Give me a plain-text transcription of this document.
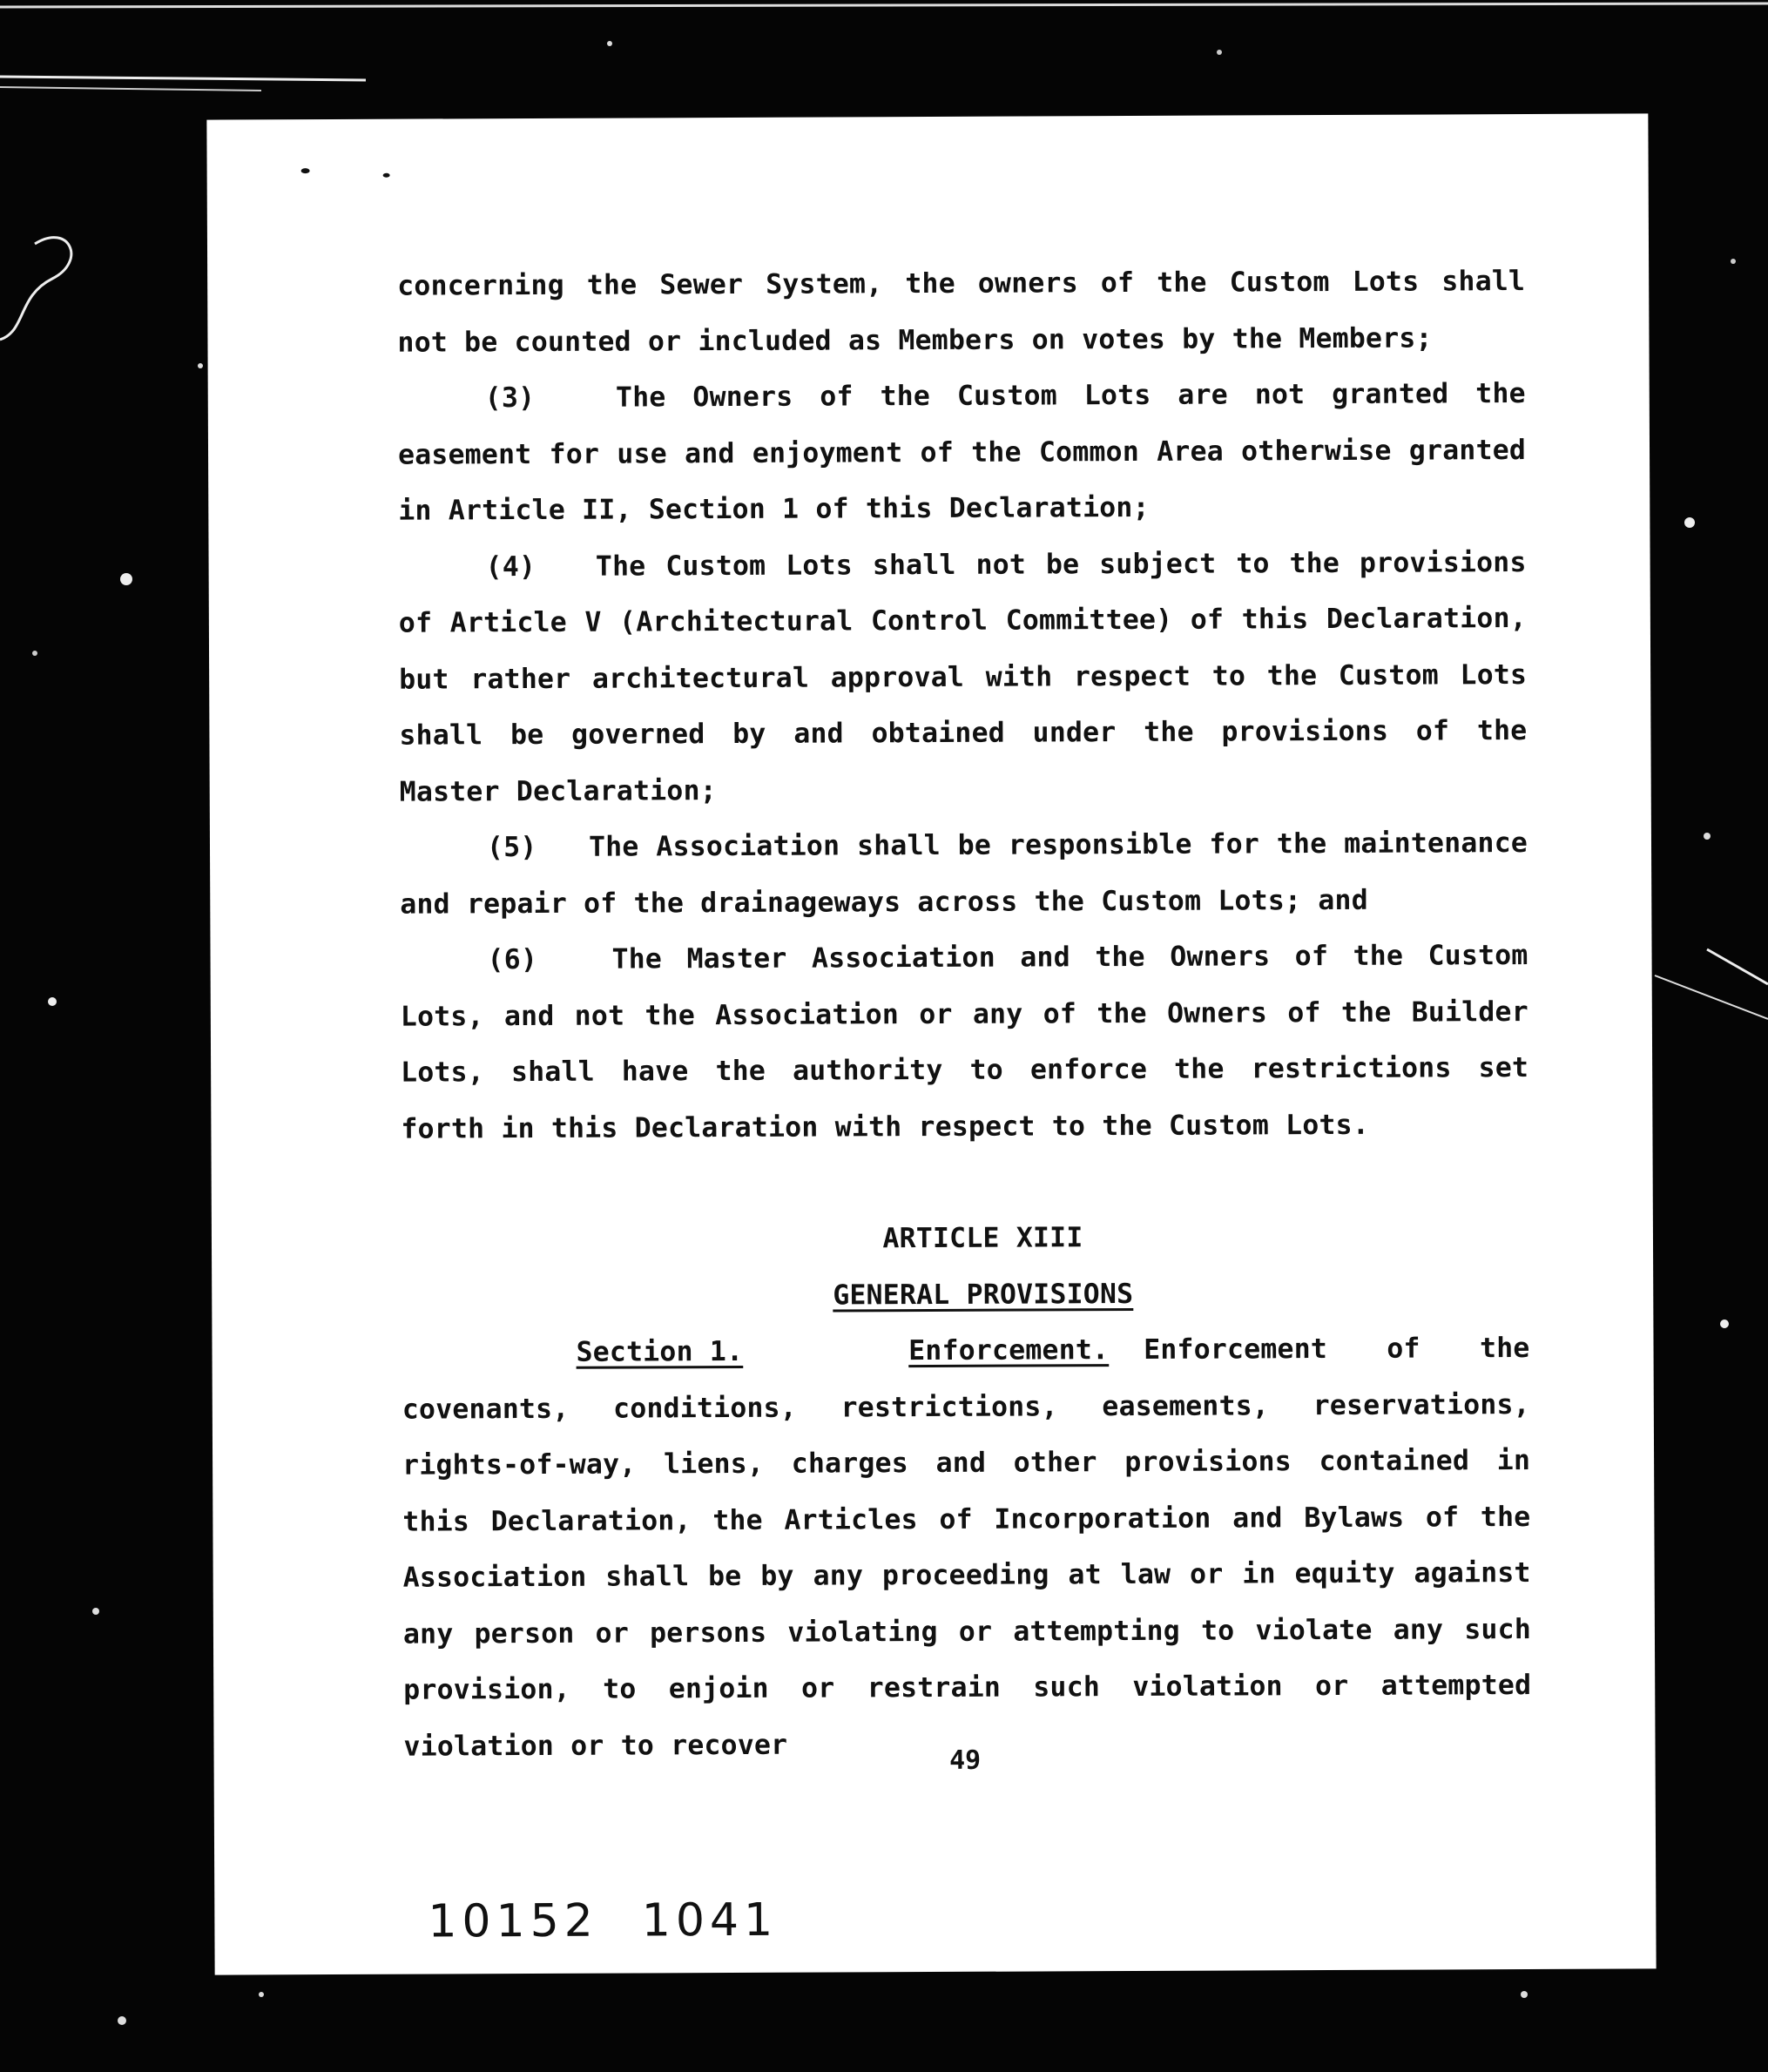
concerning the Sewer System, the owners of the Custom Lots shall not be counted or included as Members on votes by the Members;

(3)	The Owners of the Custom Lots are not granted the easement for use and enjoyment of the Common Area otherwise granted in Article II, Section 1 of this Declaration;

(4) The Custom Lots shall not be subject to the provisions of Article V (Architectural Control Committee) of this Declaration, but rather architectural approval with respect to the Custom Lots shall be governed by and obtained under the provisions of the Master Declaration;

(5) The Association shall be responsible for the maintenance and repair of the drainageways across the Custom Lots; and

(6)	The Master Association and the Owners of the Custom Lots, and not the Association or any of the Owners of the Builder Lots, shall have the authority to enforce the restrictions set forth in this Declaration with respect to the Custom Lots.

ARTICLE XIII

GENERAL PROVISIONS

Section 1.	Enforcement. Enforcement of the covenants, conditions, restrictions, easements, reservations, rights-of-way, liens, charges and other provisions contained in this Declaration, the Articles of Incorporation and Bylaws of the Association shall be by any proceeding at law or in equity against any person or persons violating or attempting to violate any such provision, to enjoin or restrain such violation or attempted violation or to recover	49
10152 1041
